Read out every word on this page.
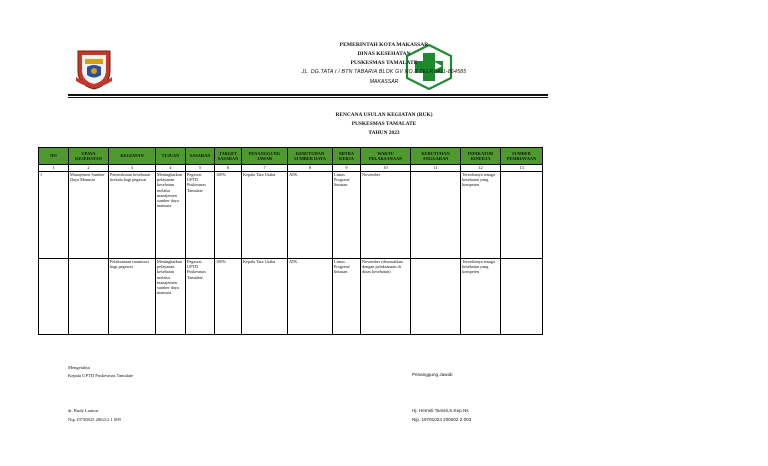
PEMERINTAH KOTA MAKASSAR
DINAS KESEHATAN
PUSKESMAS TAMALATE
JL. DG.TATA I / BTN TABARIA BLOK GV NO.8 TELP.0411-864585
MAKASSAR
RENCANA USULAN KEGIATAN (RUK)
PUSKESMAS TAMALATE
TAHUN 2023
NO	UPAYA KESEHATAN	KEGIATAN	TUJUAN	SASARAN	TARGET SASARAN	PENANGGUNG JAWAB	KEBUTUHAN SUMBER DAYA	MITRA KERJA	WAKTU PELAKSANAAN	KEBUTUHAN ANGGARAN	INDIKATOR KINERJA	SUMBER PEMBIAYAAN
1	2	3	4	5	6	7	8	9	10	11	12	13
1	Manajemen Sumber Daya Manusia	Pemeriksaan kesehatan berkala bagi pegawai	Meningkatkan pelayanan kesehatan melalui manajemen sumber daya manusia	Pegawai UPTD Puskesmas Tamalate	100%	Kepala Tata Usaha	ATK	Lintas Program/ lintasan	November		Tersedianya tenaga kesehatan yang kompeten	
		Pelaksanaan imunisasi bagi pegawai	Meningkatkan pelayanan kesehatan melalui manajemen sumber daya manusia	Pegawai UPTD Puskesmas Tamalate	100%	Kepala Tata Usaha	ATK	Lintas Program/ lintasan	November (disesuaikan dengan pelaksanaan di dinas kesehatan)		Tersedianya tenaga kesehatan yang kompeten	
Mengetahui
Kepala UPTD Puskesmas Tamalate
dr. Rudy Lauton
Nip.19730825 200212 1 009
Penanggung Jawab
Hj. Hermiti Tamsir,S.Kep.Ns
Nip. 19791024 200502 2 003
